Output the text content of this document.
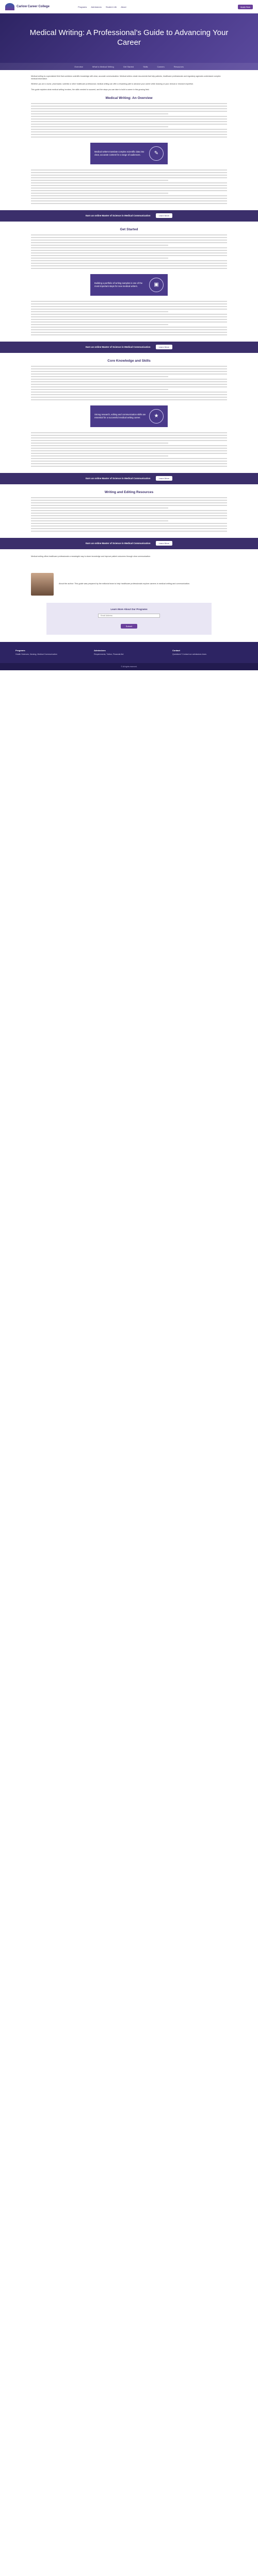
Carlow Career College	Programs Admissions Student Life About	Apply Now
Medical Writing: A Professional’s Guide to Advancing Your Career
Overview	What Is Medical Writing	Get Started	Skills	Careers	Resources

Medical writing is a specialized field that combines scientific knowledge with clear, accurate communication. Medical writers create documents that help patients, healthcare professionals and regulatory agencies understand complex medical information.

Whether you are a nurse, pharmacist, scientist or other healthcare professional, medical writing can offer a rewarding path to advance your career while drawing on your clinical or research expertise.

This guide explains what medical writing involves, the skills needed to succeed, and the steps you can take to build a career in this growing field.

Medical Writing: An Overview
Medical writers translate complex scientific data into clear, accurate content for a range of audiences.	✎
Earn an online Master of Science in Medical Communication	Learn More
Get Started
Building a portfolio of writing samples is one of the most important steps for new medical writers.	▣
Earn an online Master of Science in Medical Communication	Learn More
Core Knowledge and Skills
Strong research, editing and communication skills are essential for a successful medical writing career.	★
Earn an online Master of Science in Medical Communication	Learn More
Writing and Editing Resources
Earn an online Master of Science in Medical Communication	Learn More

Medical writing offers healthcare professionals a meaningful way to share knowledge and improve patient outcomes through clear communication.

About the author: This guide was prepared by the editorial team to help healthcare professionals explore careers in medical writing and communication.
Learn More About Our Programs
Email Address Submit
Programs
Health Sciences, Nursing, Medical Communication
Admissions
Requirements, Tuition, Financial Aid
Contact
Questions? Contact our admissions team.
© All rights reserved.
